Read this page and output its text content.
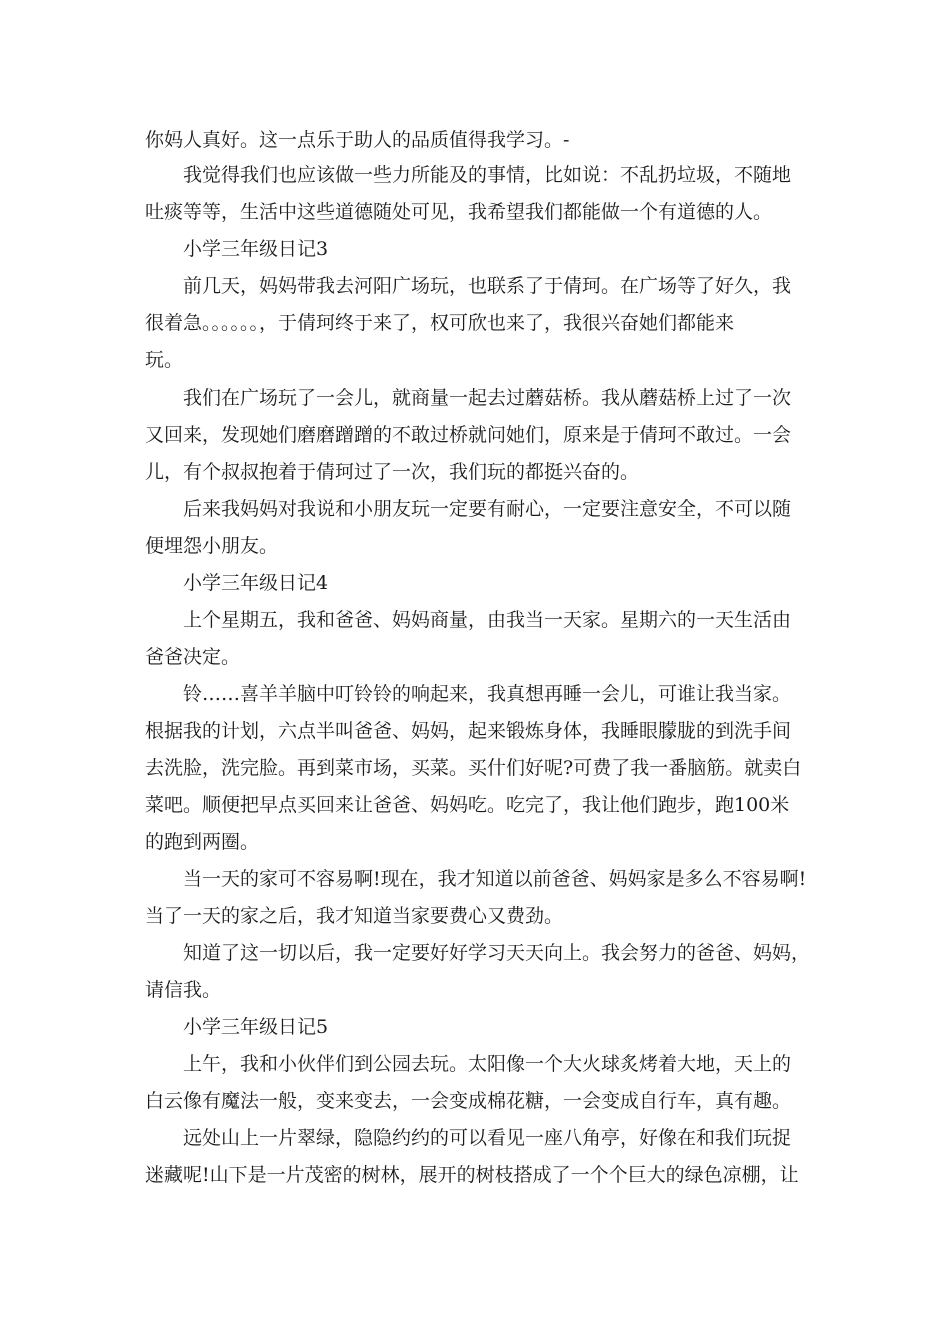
你妈人真好。这一点乐于助人的品质值得我学习。-
我觉得我们也应该做一些力所能及的事情，比如说：不乱扔垃圾，不随地
吐痰等等，生活中这些道德随处可见，我希望我们都能做一个有道德的人。
小学三年级日记3
前几天，妈妈带我去河阳广场玩，也联系了于倩珂。在广场等了好久，我
很着急。。。。。。，于倩珂终于来了，权可欣也来了，我很兴奋她们都能来
玩。
我们在广场玩了一会儿，就商量一起去过蘑菇桥。我从蘑菇桥上过了一次
又回来，发现她们磨磨蹭蹭的不敢过桥就问她们，原来是于倩珂不敢过。一会
儿，有个叔叔抱着于倩珂过了一次，我们玩的都挺兴奋的。
后来我妈妈对我说和小朋友玩一定要有耐心，一定要注意安全，不可以随
便埋怨小朋友。
小学三年级日记4
上个星期五，我和爸爸、妈妈商量，由我当一天家。星期六的一天生活由
爸爸决定。
铃……喜羊羊脑中叮铃铃的响起来，我真想再睡一会儿，可谁让我当家。
根据我的计划，六点半叫爸爸、妈妈，起来锻炼身体，我睡眼朦胧的到洗手间
去洗脸，洗完脸。再到菜市场，买菜。买什们好呢?可费了我一番脑筋。就卖白
菜吧。顺便把早点买回来让爸爸、妈妈吃。吃完了，我让他们跑步，跑100米
的跑到两圈。
当一天的家可不容易啊!现在，我才知道以前爸爸、妈妈家是多么不容易啊!
当了一天的家之后，我才知道当家要费心又费劲。
知道了这一切以后，我一定要好好学习天天向上。我会努力的爸爸、妈妈，
请信我。
小学三年级日记5
上午，我和小伙伴们到公园去玩。太阳像一个大火球炙烤着大地，天上的
白云像有魔法一般，变来变去，一会变成棉花糖，一会变成自行车，真有趣。
远处山上一片翠绿，隐隐约约的可以看见一座八角亭，好像在和我们玩捉
迷藏呢!山下是一片茂密的树林，展开的树枝搭成了一个个巨大的绿色凉棚，让
